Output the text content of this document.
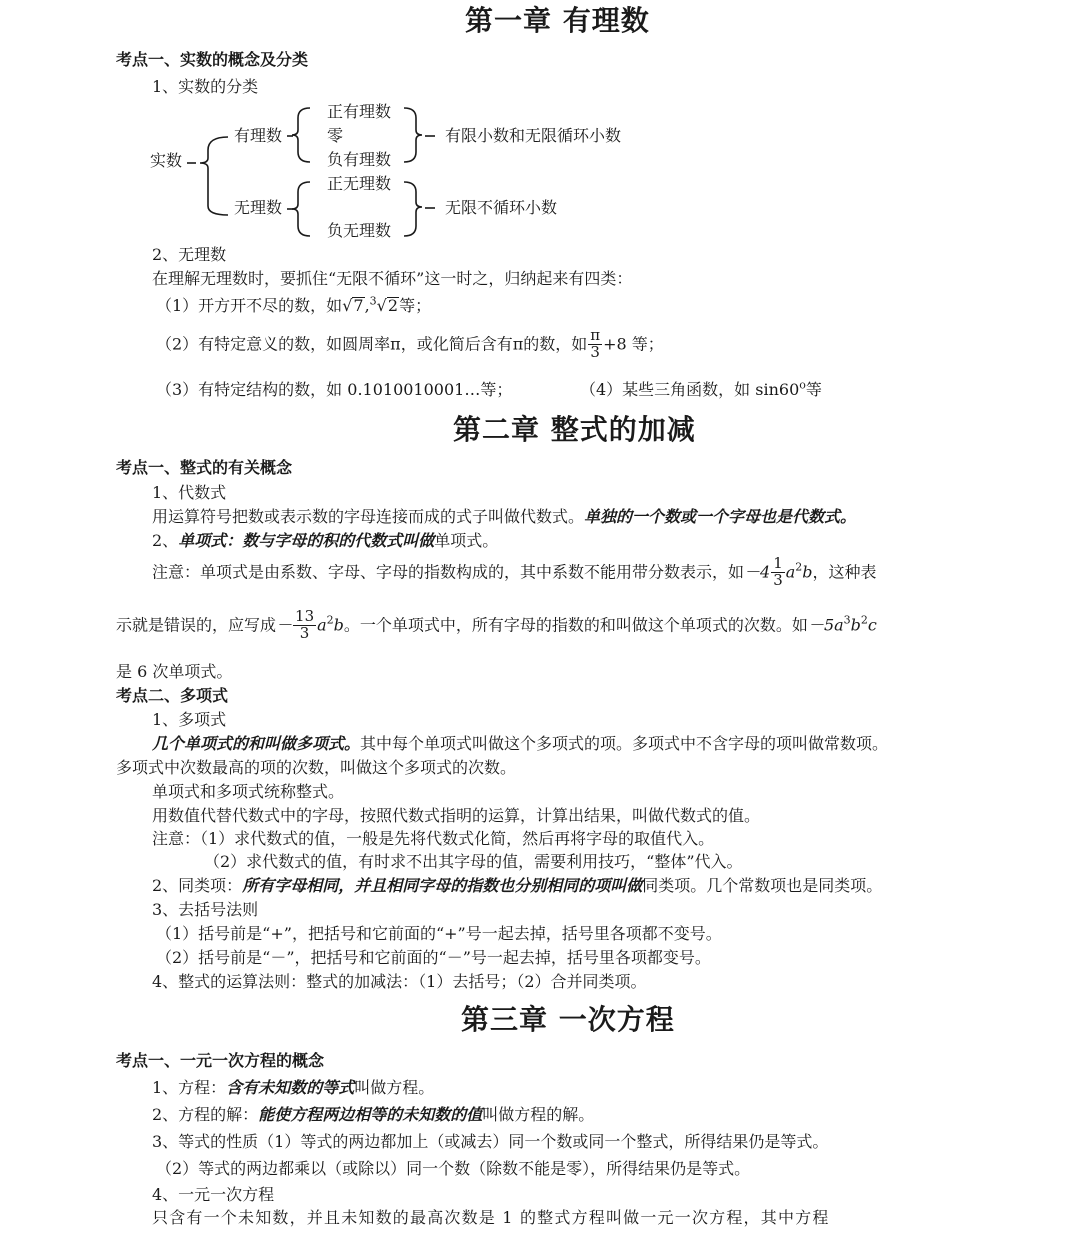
第一章 有理数
考点一、实数的概念及分类
1、实数的分类
实数
有理数
正有理数
零
负有理数
有限小数和无限循环小数
无理数
正无理数
负无理数
无限不循环小数
2、无理数
在理解无理数时，要抓住“无限不循环”这一时之，归纳起来有四类：
（1）开方开不尽的数，如√7,$^3$√2等；
（2）有特定意义的数，如圆周率π，或化简后含有π的数，如 $\frac{\pi}{3} +8$ 等；
（3）有特定结构的数，如 0.1010010001…等；	（4）某些三角函数，如 sin60$^o$等
第二章 整式的加减
考点一、整式的有关概念
1、代数式
用运算符号把数或表示数的字母连接而成的式子叫做代数式。单独的一个数或一个字母也是代数式。
2、单项式：数与字母的积的代数式叫做单项式。
注意：单项式是由系数、字母、字母的指数构成的，其中系数不能用带分数表示，如$-4 \frac{1}{3} a^2b$，这种表
示就是错误的，应写成－ $\frac{13}{3} a^2b$。一个单项式中，所有字母的指数的和叫做这个单项式的次数。如$-5a^3b^2c$
是 6 次单项式。
考点二、多项式
1、多项式
几个单项式的和叫做多项式。其中每个单项式叫做这个多项式的项。多项式中不含字母的项叫做常数项。
多项式中次数最高的项的次数，叫做这个多项式的次数。
单项式和多项式统称整式。
用数值代替代数式中的字母，按照代数式指明的运算，计算出结果，叫做代数式的值。
注意：（1）求代数式的值，一般是先将代数式化简，然后再将字母的取值代入。
（2）求代数式的值，有时求不出其字母的值，需要利用技巧，“整体”代入。
2、同类项：所有字母相同，并且相同字母的指数也分别相同的项叫做同类项。几个常数项也是同类项。
3、去括号法则
（1）括号前是“+”，把括号和它前面的“+”号一起去掉，括号里各项都不变号。
（2）括号前是“－”，把括号和它前面的“－”号一起去掉，括号里各项都变号。
4、整式的运算法则：整式的加减法：（1）去括号；（2）合并同类项。
第三章 一次方程
考点一、一元一次方程的概念
1、方程：含有未知数的等式叫做方程。
2、方程的解：能使方程两边相等的未知数的值叫做方程的解。
3、等式的性质（1）等式的两边都加上（或减去）同一个数或同一个整式，所得结果仍是等式。
（2）等式的两边都乘以（或除以）同一个数（除数不能是零），所得结果仍是等式。
4、一元一次方程
只含有一个未知数，并且未知数的最高次数是 1 的整式方程叫做一元一次方程，其中方程
